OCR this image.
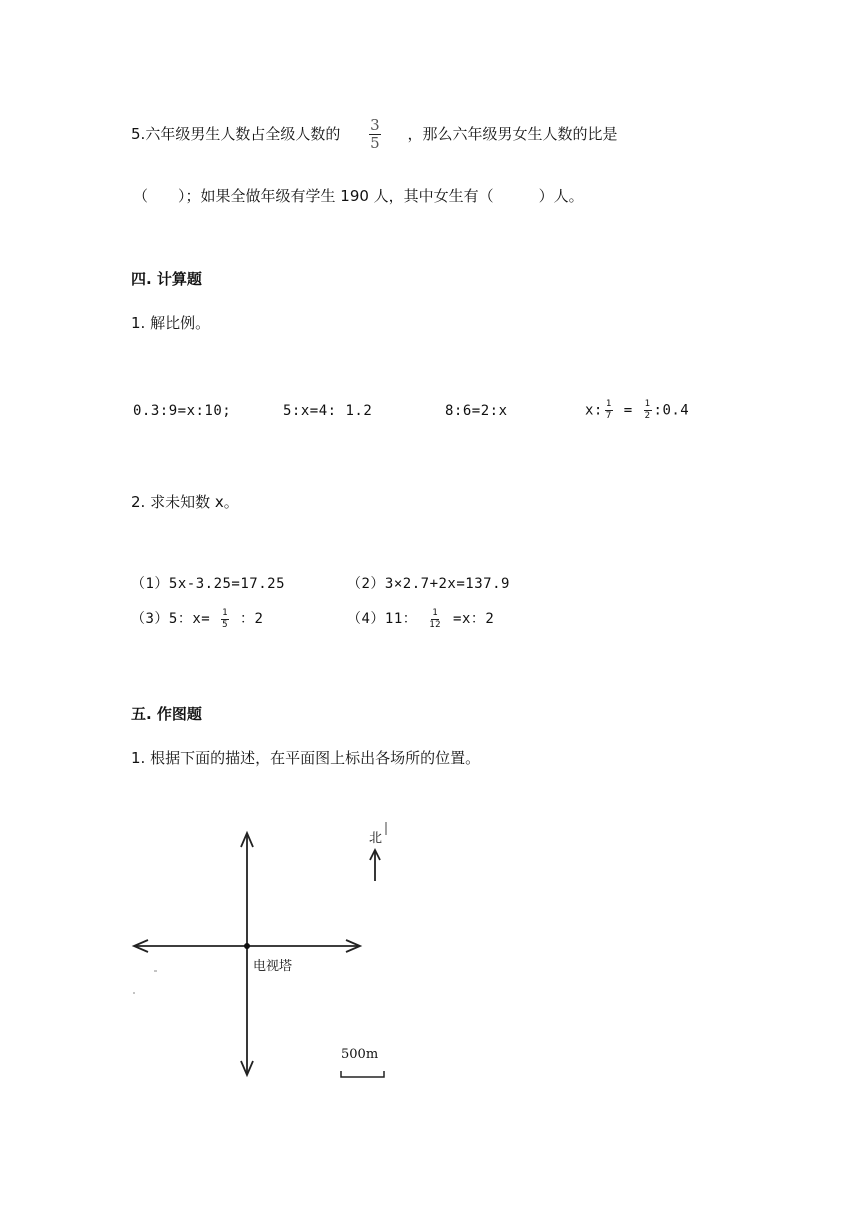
5.六年级男生人数占全级人数的 $\frac{3}{5}$ ，那么六年级男女生人数的比是
（　　）；如果全做年级有学生 190 人，其中女生有（　　　）人。
四. 计算题
1. 解比例。
0.3:9=x:10;	5:x=4: 1.2	8:6=2:x	x: $\frac{1}{7} = \frac{1}{2}$ :0.4
2. 求未知数 x。
（1）5x-3.25=17.25	（2）3×2.7+2x=137.9
（3）5：$x= \frac{1}{5}$ ：2	（4）11： $\frac{1}{12} =x$：2
五. 作图题
1. 根据下面的描述，在平面图上标出各场所的位置。
北
电视塔
500m
